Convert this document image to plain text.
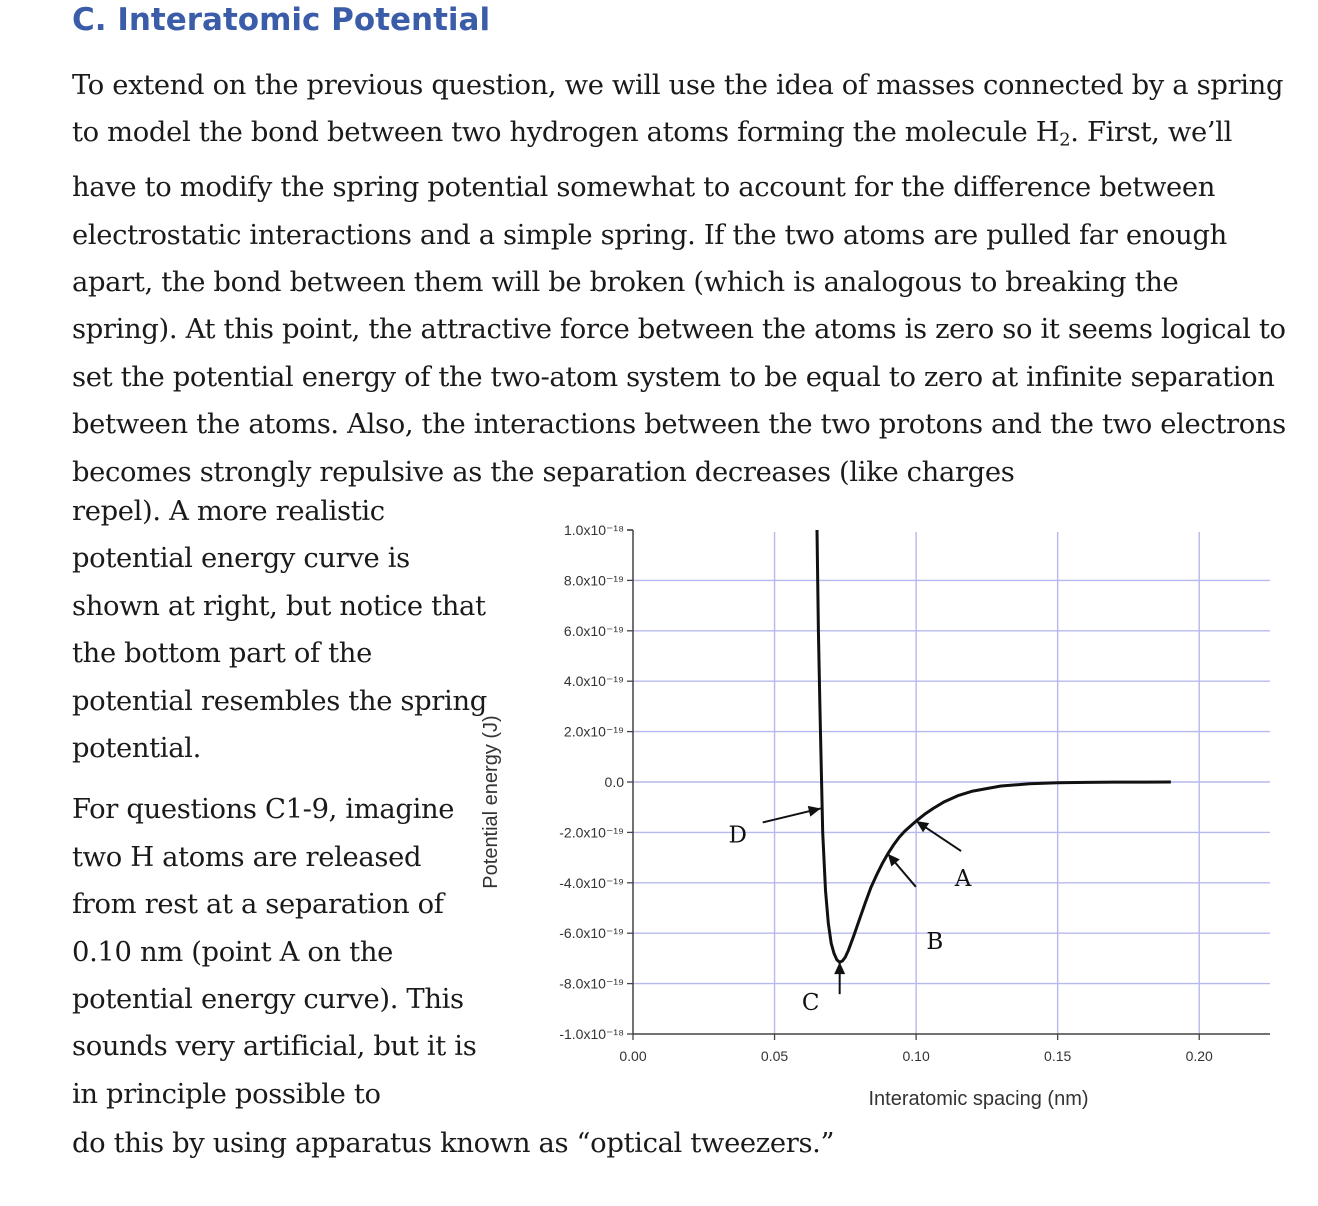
C. Interatomic Potential

To extend on the previous question, we will use the idea of masses connected by a spring to model the bond between two hydrogen atoms forming the molecule $H_2$. First, we’ll have to modify the spring potential somewhat to account for the difference between electrostatic interactions and a simple spring. If the two atoms are pulled far enough apart, the bond between them will be broken (which is analogous to breaking the spring). At this point, the attractive force between the atoms is zero so it seems logical to set the potential energy of the two-atom system to be equal to zero at infinite separation between the atoms. Also, the interactions between the two protons and the two electrons becomes strongly repulsive as the separation decreases (like charges

repel). A more realistic potential energy curve is shown at right, but notice that the bottom part of the potential resembles the spring potential.

For questions C1-9, imagine two H atoms are released from rest at a separation of 0.10 nm (point A on the potential energy curve). This sounds very artificial, but it is in principle possible to

do this by using apparatus known as “optical tweezers.”

1.0x10⁻¹⁸
8.0x10⁻¹⁹
6.0x10⁻¹⁹
4.0x10⁻¹⁹
2.0x10⁻¹⁹
0.0
-2.0x10⁻¹⁹
-4.0x10⁻¹⁹
-6.0x10⁻¹⁹
-8.0x10⁻¹⁹
-1.0x10⁻¹⁸
0.00	0.05	0.10	0.15	0.20
A
B
C
D
Potential energy (J)
Interatomic spacing (nm)
